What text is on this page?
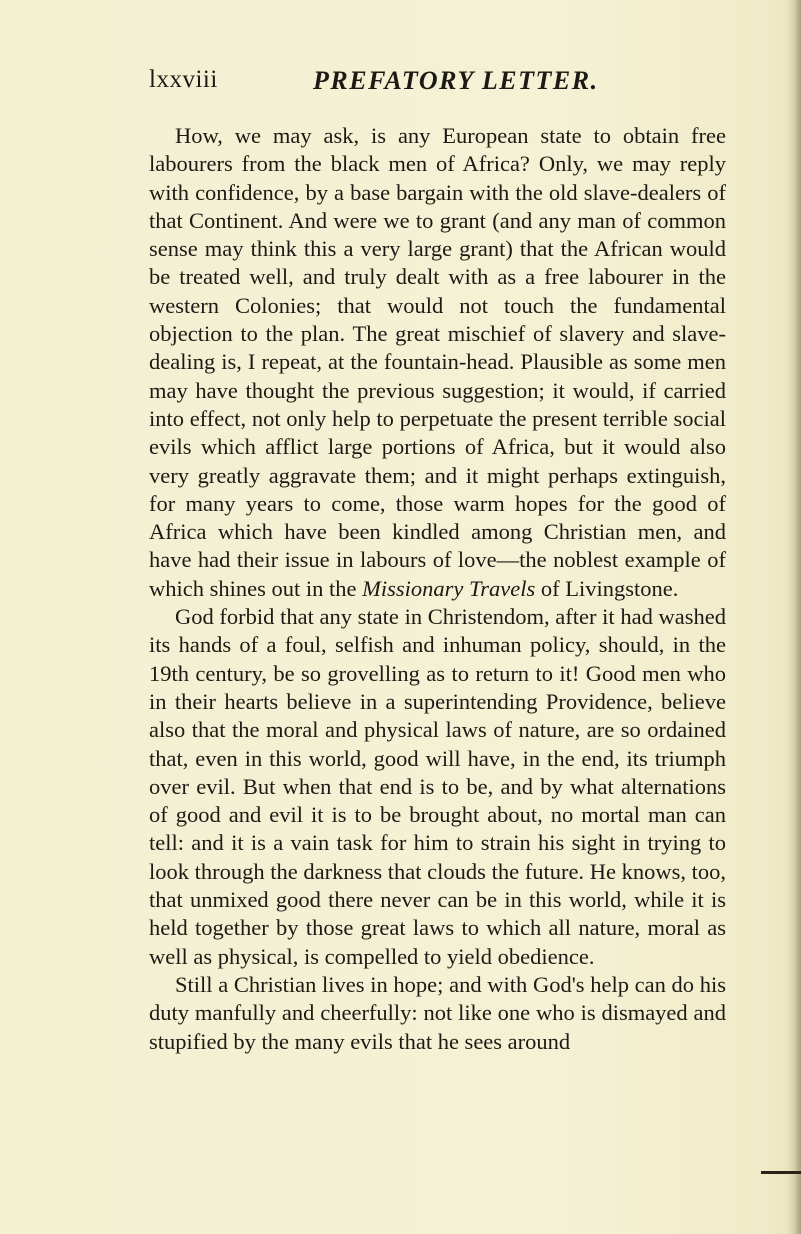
lxxviii	PREFATORY LETTER.

How, we may ask, is any European state to obtain free labourers from the black men of Africa? Only, we may reply with confidence, by a base bargain with the old slave-dealers of that Continent. And were we to grant (and any man of common sense may think this a very large grant) that the African would be treated well, and truly dealt with as a free labourer in the western Colonies; that would not touch the fundamental objection to the plan. The great mischief of slavery and slave-dealing is, I repeat, at the fountain-head. Plausible as some men may have thought the previous suggestion; it would, if carried into effect, not only help to perpetuate the present terrible social evils which afflict large portions of Africa, but it would also very greatly aggravate them; and it might perhaps extinguish, for many years to come, those warm hopes for the good of Africa which have been kindled among Christian men, and have had their issue in labours of love—the noblest example of which shines out in the Missionary Travels of Livingstone.

God forbid that any state in Christendom, after it had washed its hands of a foul, selfish and inhuman policy, should, in the 19th century, be so grovelling as to return to it! Good men who in their hearts believe in a superintending Providence, believe also that the moral and physical laws of nature, are so ordained that, even in this world, good will have, in the end, its triumph over evil. But when that end is to be, and by what alternations of good and evil it is to be brought about, no mortal man can tell: and it is a vain task for him to strain his sight in trying to look through the darkness that clouds the future. He knows, too, that unmixed good there never can be in this world, while it is held together by those great laws to which all nature, moral as well as physical, is compelled to yield obedience.

Still a Christian lives in hope; and with God's help can do his duty manfully and cheerfully: not like one who is dismayed and stupified by the many evils that he sees around
